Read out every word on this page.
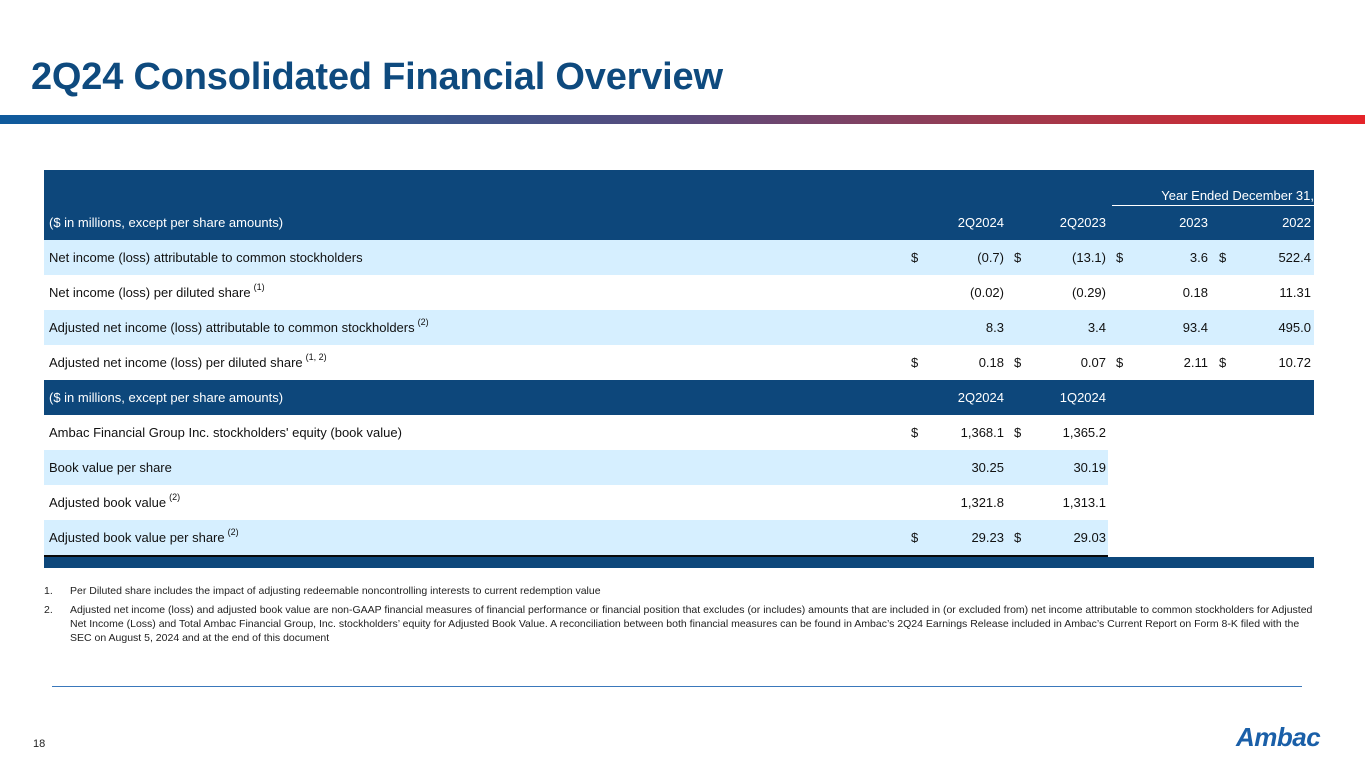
2Q24 Consolidated Financial Overview
Year Ended December 31,
($ in millions, except per share amounts)	2Q2024	2Q2023	2023	2022
Net income (loss) attributable to common stockholders	$	(0.7) $	(13.1) $	3.6 $	522.4
Net income (loss) per diluted share (1)	(0.02)	(0.29)	0.18	11.31
Adjusted net income (loss) attributable to common stockholders (2)	8.3	3.4	93.4	495.0
Adjusted net income (loss) per diluted share (1, 2)	$	0.18 $	0.07 $	2.11 $	10.72
($ in millions, except per share amounts)	2Q2024	1Q2024
Ambac Financial Group Inc. stockholders' equity (book value)	$	1,368.1 $	1,365.2
Book value per share	30.25	30.19
Adjusted book value (2)	1,321.8	1,313.1
Adjusted book value per share (2)	$	29.23 $	29.03
1. Per Diluted share includes the impact of adjusting redeemable noncontrolling interests to current redemption value
2. Adjusted net income (loss) and adjusted book value are non-GAAP financial measures of financial performance or financial position that excludes (or includes) amounts that are included in (or excluded from) net income attributable to common stockholders for Adjusted Net Income (Loss) and Total Ambac Financial Group, Inc. stockholders’ equity for Adjusted Book Value. A reconciliation between both financial measures can be found in Ambac’s 2Q24 Earnings Release included in Ambac’s Current Report on Form 8-K filed with the SEC on August 5, 2024 and at the end of this document
18	Ambac
